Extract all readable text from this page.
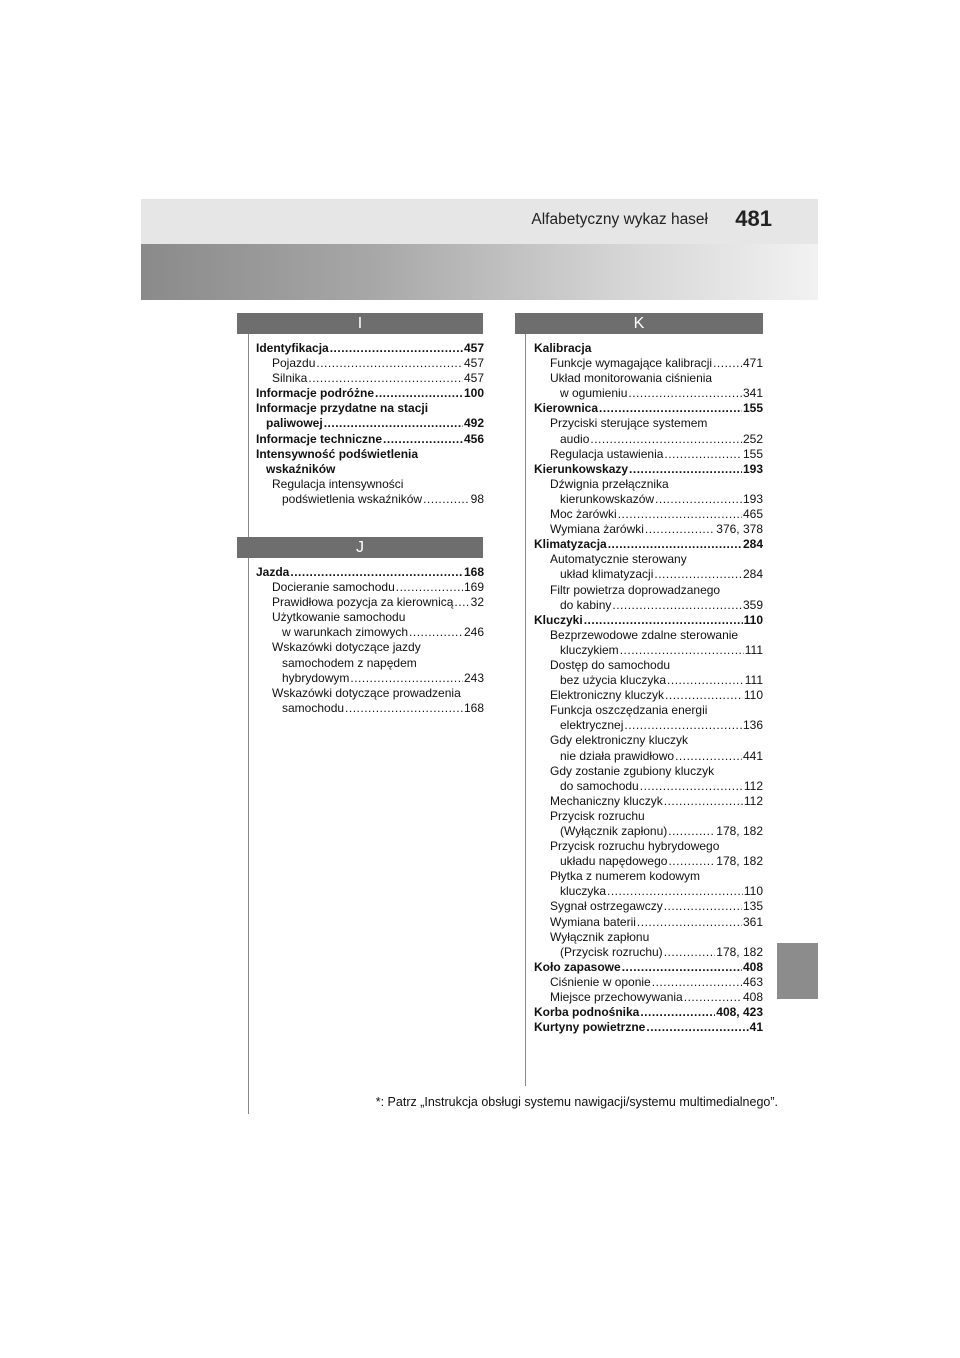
Alfabetyczny wykaz haseł 481
I
Identyfikacja .....	457
Pojazdu .....	457
Silnika .....	457
Informacje podróżne .....	100
Informacje przydatne na stacji
paliwowej .....	492
Informacje techniczne .....	456
Intensywność podświetlenia
wskaźników
Regulacja intensywności
podświetlenia wskaźników .....	98
J
Jazda .....	168
Docieranie samochodu .....	169
Prawidłowa pozycja za kierownicą ..... 32
Użytkowanie samochodu
w warunkach zimowych .....	246
Wskazówki dotyczące jazdy
samochodem z napędem
hybrydowym .....	243
Wskazówki dotyczące prowadzenia
samochodu .....	168
K
Kalibracja
Funkcje wymagające kalibracji .....	471
Układ monitorowania ciśnienia
w ogumieniu .....	341
Kierownica .....	155
Przyciski sterujące systemem
audio .....	252
Regulacja ustawienia .....	155
Kierunkowskazy .....	193
Dźwignia przełącznika
kierunkowskazów .....	193
Moc żarówki .....	465
Wymiana żarówki .....	376, 378
Klimatyzacja .....	284
Automatycznie sterowany
układ klimatyzacji .....	284
Filtr powietrza doprowadzanego
do kabiny .....	359
Kluczyki .....	110
Bezprzewodowe zdalne sterowanie
kluczykiem .....	111
Dostęp do samochodu
bez użycia kluczyka .....	111
Elektroniczny kluczyk .....	110
Funkcja oszczędzania energii
elektrycznej .....	136
Gdy elektroniczny kluczyk
nie działa prawidłowo .....	441
Gdy zostanie zgubiony kluczyk
do samochodu .....	112
Mechaniczny kluczyk .....	112
Przycisk rozruchu
(Wyłącznik zapłonu) .....	178, 182
Przycisk rozruchu hybrydowego
układu napędowego .....	178, 182
Płytka z numerem kodowym
kluczyka .....	110
Sygnał ostrzegawczy .....	135
Wymiana baterii .....	361
Wyłącznik zapłonu
(Przycisk rozruchu) .....	178, 182
Koło zapasowe .....	408
Ciśnienie w oponie .....	463
Miejsce przechowywania .....	408
Korba podnośnika .....	408, 423
Kurtyny powietrzne .....	41
*: Patrz „Instrukcja obsługi systemu nawigacji/systemu multimedialnego”.
